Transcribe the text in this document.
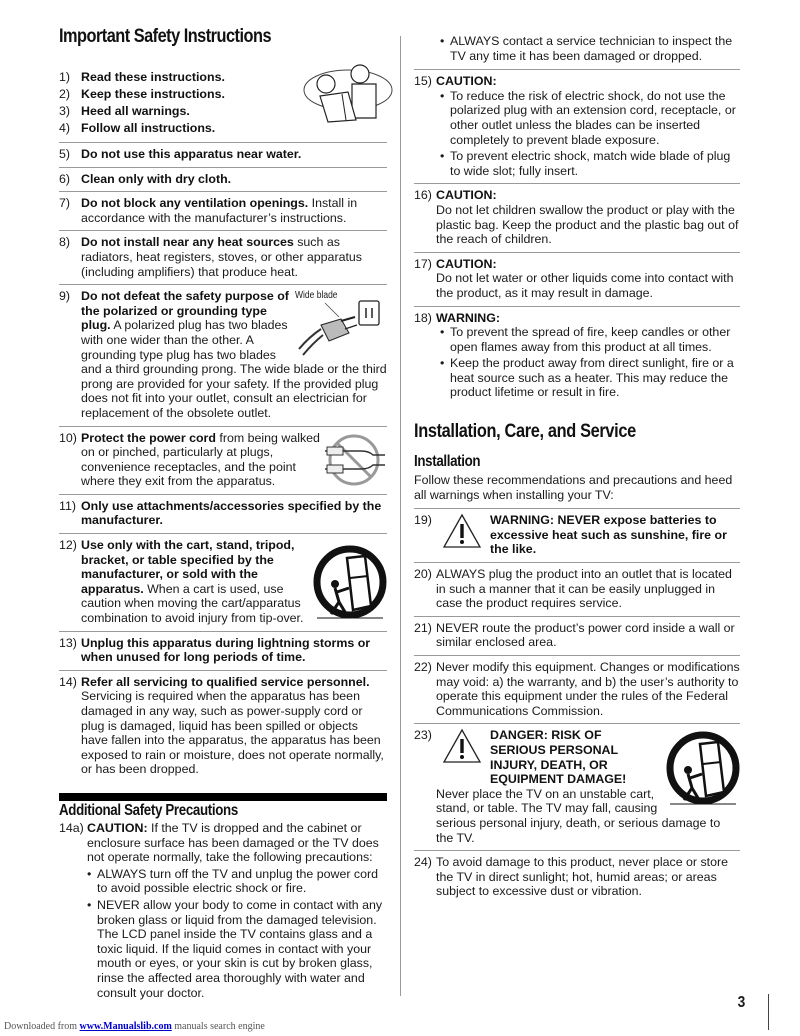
Important Safety Instructions
1) Read these instructions.
2) Keep these instructions.
3) Heed all warnings.
4) Follow all instructions.
5) Do not use this apparatus near water.
6) Clean only with dry cloth.
7) Do not block any ventilation openings. Install in accordance with the manufacturer’s instructions.
8) Do not install near any heat sources such as radiators, heat registers, stoves, or other apparatus (including amplifiers) that produce heat.
9)	Wide blade
Do not defeat the safety purpose of the polarized or grounding type plug. A polarized plug has two blades with one wider than the other. A grounding type plug has two blades and a third grounding prong. The wide blade or the third prong are provided for your safety. If the provided plug does not fit into your outlet, consult an electrician for replacement of the obsolete outlet.
10) Protect the power cord from being walked on or pinched, particularly at plugs, convenience receptacles, and the point where they exit from the apparatus.
11) Only use attachments/accessories specified by the manufacturer.
12) Use only with the cart, stand, tripod, bracket, or table specified by the manufacturer, or sold with the apparatus. When a cart is used, use caution when moving the cart/apparatus combination to avoid injury from tip-over.
13) Unplug this apparatus during lightning storms or when unused for long periods of time.
14) Refer all servicing to qualified service personnel. Servicing is required when the apparatus has been damaged in any way, such as power-supply cord or plug is damaged, liquid has been spilled or objects have fallen into the apparatus, the apparatus has been exposed to rain or moisture, does not operate normally, or has been dropped.
Additional Safety Precautions
14a) CAUTION: If the TV is dropped and the cabinet or enclosure surface has been damaged or the TV does not operate normally, take the following precautions:
• ALWAYS turn off the TV and unplug the power cord to avoid possible electric shock or fire.
• NEVER allow your body to come in contact with any broken glass or liquid from the damaged television. The LCD panel inside the TV contains glass and a toxic liquid. If the liquid comes in contact with your mouth or eyes, or your skin is cut by broken glass, rinse the affected area thoroughly with water and consult your doctor.
• ALWAYS contact a service technician to inspect the TV any time it has been damaged or dropped.
15) CAUTION:
• To reduce the risk of electric shock, do not use the polarized plug with an extension cord, receptacle, or other outlet unless the blades can be inserted completely to prevent blade exposure.
• To prevent electric shock, match wide blade of plug to wide slot; fully insert.
16) CAUTION:
Do not let children swallow the product or play with the plastic bag. Keep the product and the plastic bag out of the reach of children.
17) CAUTION:
Do not let water or other liquids come into contact with the product, as it may result in damage.
18) WARNING:
• To prevent the spread of fire, keep candles or other open flames away from this product at all times.
• Keep the product away from direct sunlight, fire or a heat source such as a heater. This may reduce the product lifetime or result in fire.
Installation, Care, and Service
Installation
Follow these recommendations and precautions and heed all warnings when installing your TV:
19)	WARNING: NEVER expose batteries to excessive heat such as sunshine, fire or the like.
20) ALWAYS plug the product into an outlet that is located in such a manner that it can be easily unplugged in case the product requires service.
21) NEVER route the product’s power cord inside a wall or similar enclosed area.
22) Never modify this equipment. Changes or modifications may void: a) the warranty, and b) the user’s authority to operate this equipment under the rules of the Federal Communications Commission.
23)	DANGER: RISK OF SERIOUS PERSONAL INJURY, DEATH, OR EQUIPMENT DAMAGE!
Never place the TV on an unstable cart, stand, or table. The TV may fall, causing serious personal injury, death, or serious damage to the TV.
24) To avoid damage to this product, never place or store the TV in direct sunlight; hot, humid areas; or areas subject to excessive dust or vibration.
3
Downloaded from www.Manualslib.com manuals search engine
